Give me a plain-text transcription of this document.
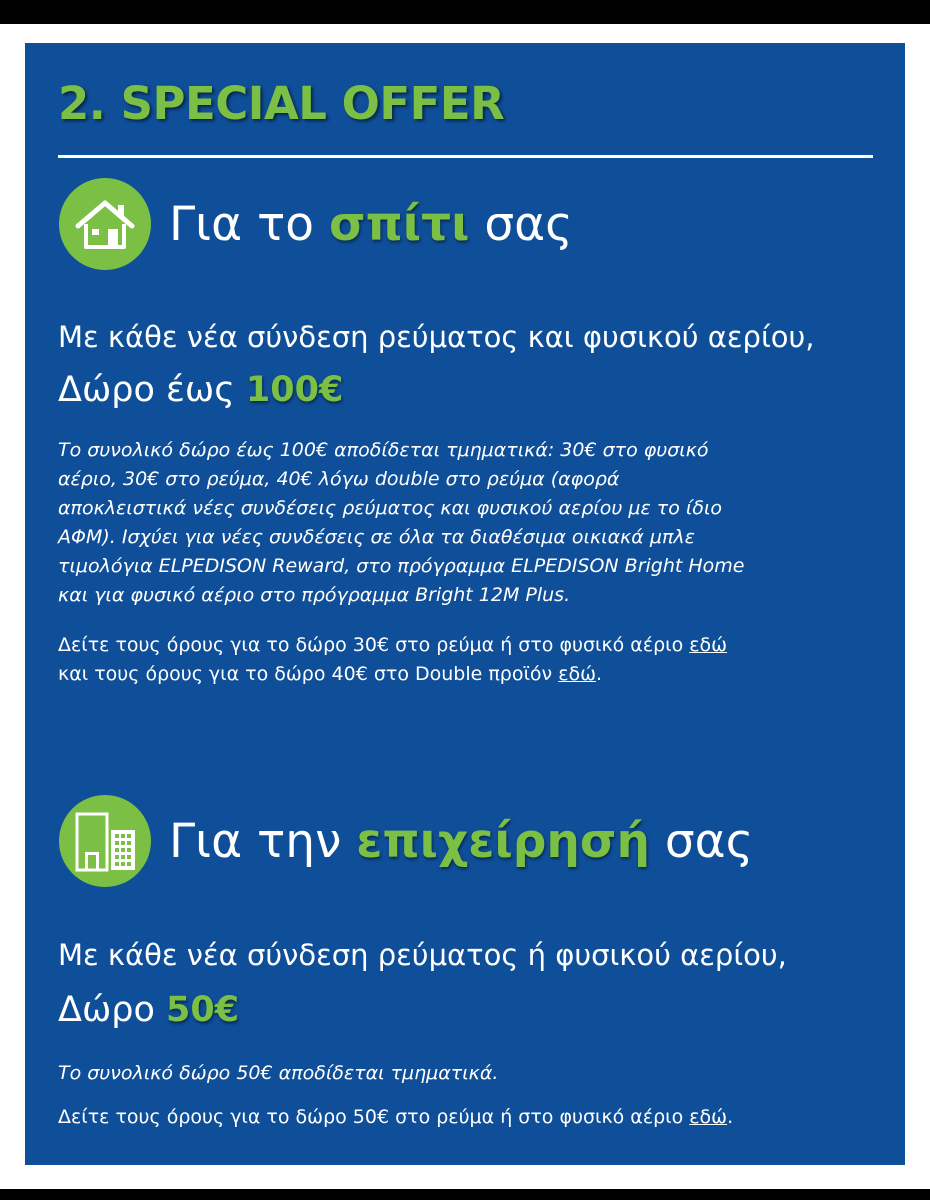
2. SPECIAL OFFER
Για το σπίτι σας

Με κάθε νέα σύνδεση ρεύματος και φυσικού αερίου,

Δώρο έως 100€

Το συνολικό δώρο έως 100€ αποδίδεται τμηματικά: 30€ στο φυσικό
αέριο, 30€ στο ρεύμα, 40€ λόγω double στο ρεύμα (αφορά
αποκλειστικά νέες συνδέσεις ρεύματος και φυσικού αερίου με το ίδιο
ΑΦΜ). Ισχύει για νέες συνδέσεις σε όλα τα διαθέσιμα οικιακά μπλε
τιμολόγια ELPEDISON Reward, στο πρόγραμμα ELPEDISON Bright Home
και για φυσικό αέριο στο πρόγραμμα Bright 12M Plus.
Δείτε τους όρους για το δώρο 30€ στο ρεύμα ή στο φυσικό αέριο εδώ
και τους όρους για το δώρο 40€ στο Double προϊόν εδώ.
Για την επιχείρησή σας

Με κάθε νέα σύνδεση ρεύματος ή φυσικού αερίου,

Δώρο 50€

Το συνολικό δώρο 50€ αποδίδεται τμηματικά.
Δείτε τους όρους για το δώρο 50€ στο ρεύμα ή στο φυσικό αέριο εδώ.
